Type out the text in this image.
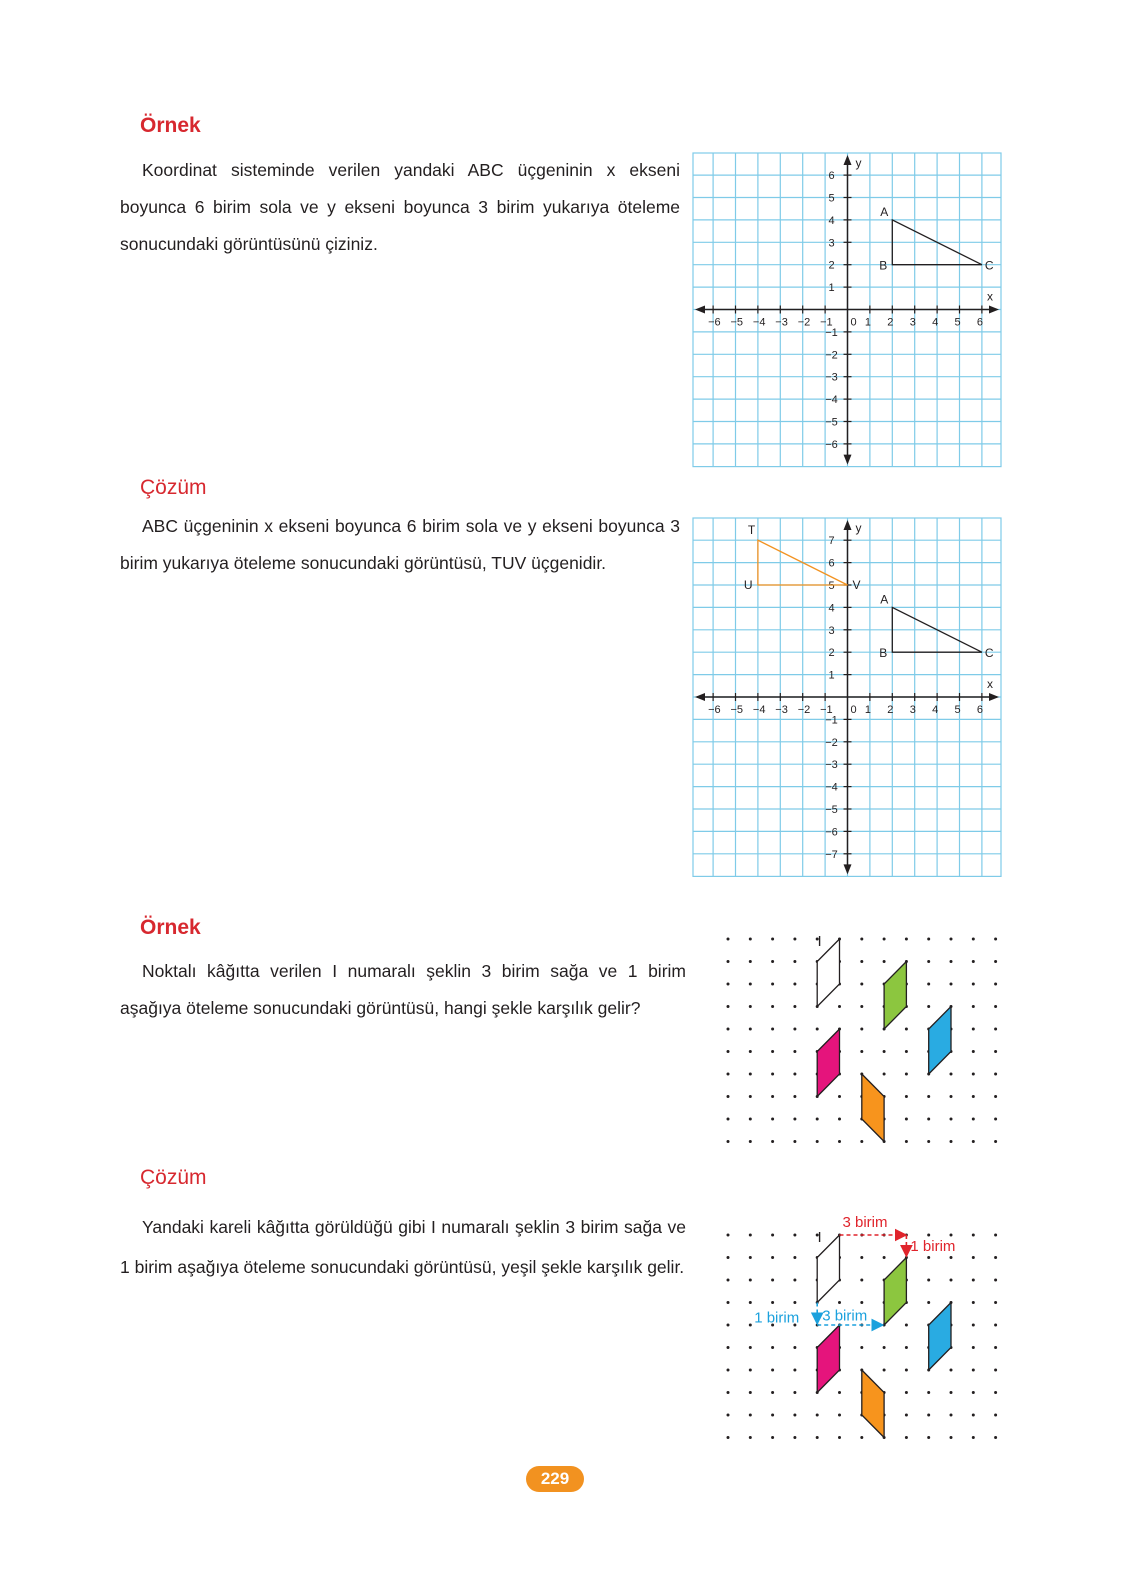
Örnek
Koordinat sisteminde verilen yandaki ABC üçgeninin x ekseni boyunca 6 birim sola ve y ekseni boyunca 3 birim yukarıya öteleme sonucundaki görüntüsünü çiziniz.
y
x
−6 −5 −4 −3 −2 −1 0 1 2 3 4 5 6
−6
−5
−4
−3
−2
−1
1
2
3
4
5
6
A
B	C
Çözüm
ABC üçgeninin x ekseni boyunca 6 birim sola ve y ekseni boyunca 3 birim yukarıya öteleme sonucundaki görüntüsü, TUV üçgenidir.
y
x
−6 −5 −4 −3 −2 −1 0 1 2 3 4 5 6
−7
−6
−5
−4
−3
−2
−1
1
2
3
4
5
6
7
A
B	C
T
U	V
Örnek
Noktalı kâğıtta verilen I numaralı şeklin 3 birim sağa ve 1 birim aşağıya öteleme sonucundaki görüntüsü, hangi şekle karşılık gelir?
I
Çözüm
Yandaki kareli kâğıtta görüldüğü gibi I numaralı şeklin 3 birim sağa ve 1 birim aşağıya öteleme sonucundaki görüntüsü, yeşil şekle karşılık gelir.
I
3 birim
1 birim
1 birim 3 birim
229
